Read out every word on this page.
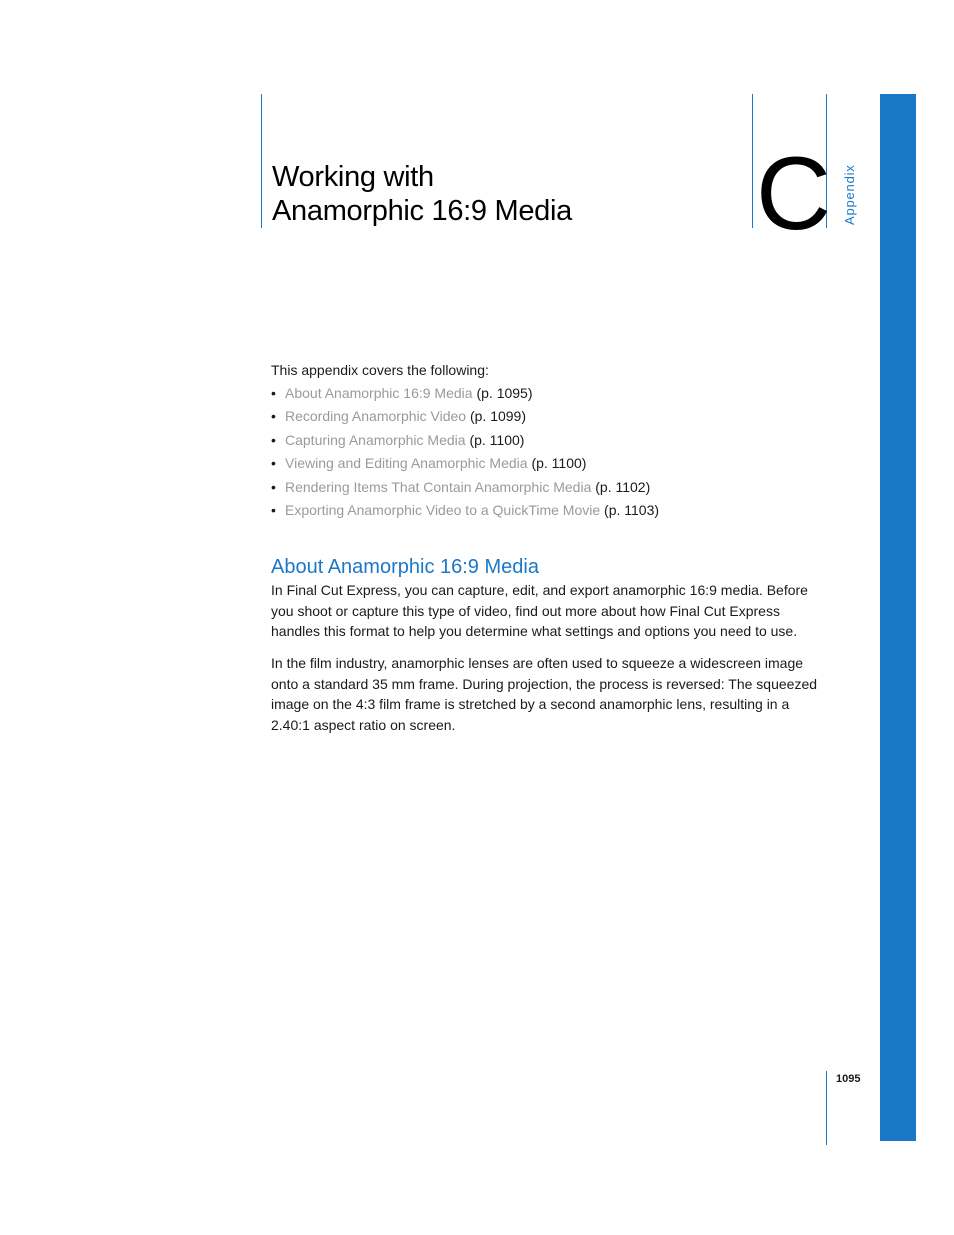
Working with
Anamorphic 16:9 Media C Appendix

This appendix covers the following:

• About Anamorphic 16:9 Media (p. 1095)
• Recording Anamorphic Video (p. 1099)
• Capturing Anamorphic Media (p. 1100)
• Viewing and Editing Anamorphic Media (p. 1100)
• Rendering Items That Contain Anamorphic Media (p. 1102)
• Exporting Anamorphic Video to a QuickTime Movie (p. 1103)
About Anamorphic 16:9 Media

In Final Cut Express, you can capture, edit, and export anamorphic 16:9 media. Before you shoot or capture this type of video, find out more about how Final Cut Express handles this format to help you determine what settings and options you need to use.

In the film industry, anamorphic lenses are often used to squeeze a widescreen image onto a standard 35 mm frame. During projection, the process is reversed: The squeezed image on the 4:3 film frame is stretched by a second anamorphic lens, resulting in a 2.40:1 aspect ratio on screen.

1095
